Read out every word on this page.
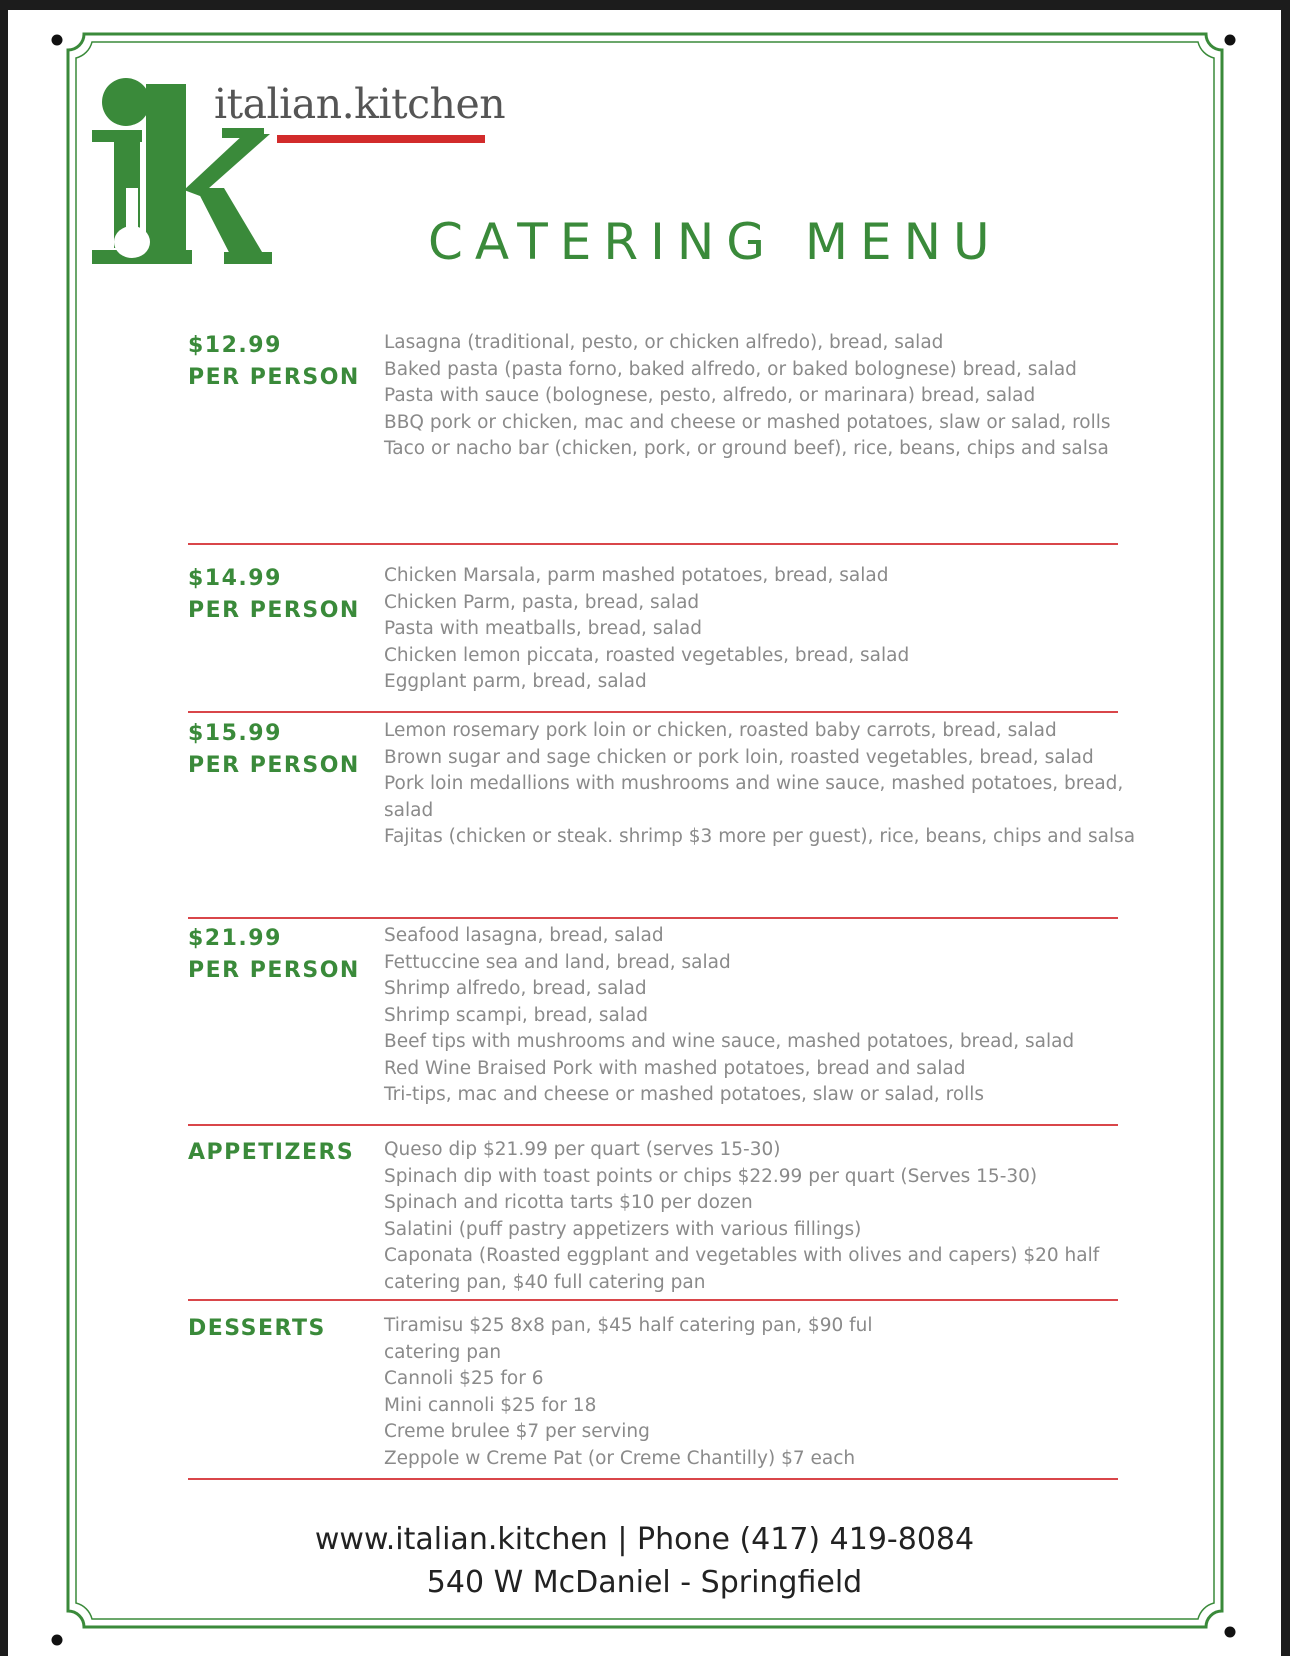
italian.kitchen
CATERING MENU
$12.99
PER PERSON
Lasagna (traditional, pesto, or chicken alfredo), bread, salad
Baked pasta (pasta forno, baked alfredo, or baked bolognese) bread, salad
Pasta with sauce (bolognese, pesto, alfredo, or marinara) bread, salad
BBQ pork or chicken, mac and cheese or mashed potatoes, slaw or salad, rolls
Taco or nacho bar (chicken, pork, or ground beef), rice, beans, chips and salsa
$14.99
PER PERSON
Chicken Marsala, parm mashed potatoes, bread, salad
Chicken Parm, pasta, bread, salad
Pasta with meatballs, bread, salad
Chicken lemon piccata, roasted vegetables, bread, salad
Eggplant parm, bread, salad
$15.99
PER PERSON
Lemon rosemary pork loin or chicken, roasted baby carrots, bread, salad
Brown sugar and sage chicken or pork loin, roasted vegetables, bread, salad
Pork loin medallions with mushrooms and wine sauce, mashed potatoes, bread, salad
Fajitas (chicken or steak. shrimp $3 more per guest), rice, beans, chips and salsa
$21.99
PER PERSON
Seafood lasagna, bread, salad
Fettuccine sea and land, bread, salad
Shrimp alfredo, bread, salad
Shrimp scampi, bread, salad
Beef tips with mushrooms and wine sauce, mashed potatoes, bread, salad
Red Wine Braised Pork with mashed potatoes, bread and salad
Tri-tips, mac and cheese or mashed potatoes, slaw or salad, rolls
APPETIZERS	Queso dip $21.99 per quart (serves 15-30)
Spinach dip with toast points or chips $22.99 per quart (Serves 15-30)
Spinach and ricotta tarts $10 per dozen
Salatini (puff pastry appetizers with various fillings)
Caponata (Roasted eggplant and vegetables with olives and capers) $20 half catering pan, $40 full catering pan
DESSERTS	Tiramisu $25 8x8 pan, $45 half catering pan, $90 ful catering pan
Cannoli $25 for 6
Mini cannoli $25 for 18
Creme brulee $7 per serving
Zeppole w Creme Pat (or Creme Chantilly) $7 each
www.italian.kitchen | Phone (417) 419-8084
540 W McDaniel - Springfield
